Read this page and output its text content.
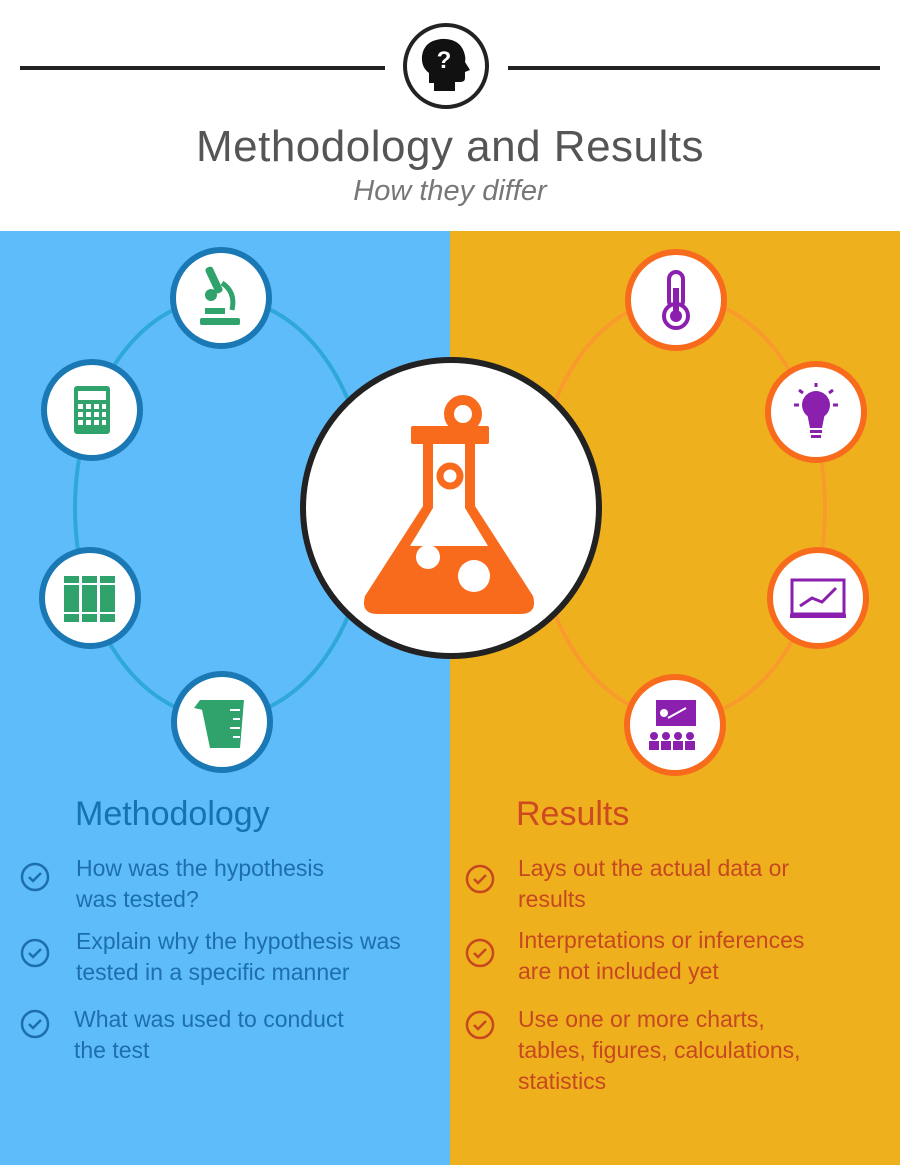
?
Methodology and Results
How they differ
Methodology	Results
How was the hypothesis
was tested?
Explain why the hypothesis was
tested in a specific manner
What was used to conduct
the test
Lays out the actual data or
results
Interpretations or inferences
are not included yet
Use one or more charts,
tables, figures, calculations,
statistics
